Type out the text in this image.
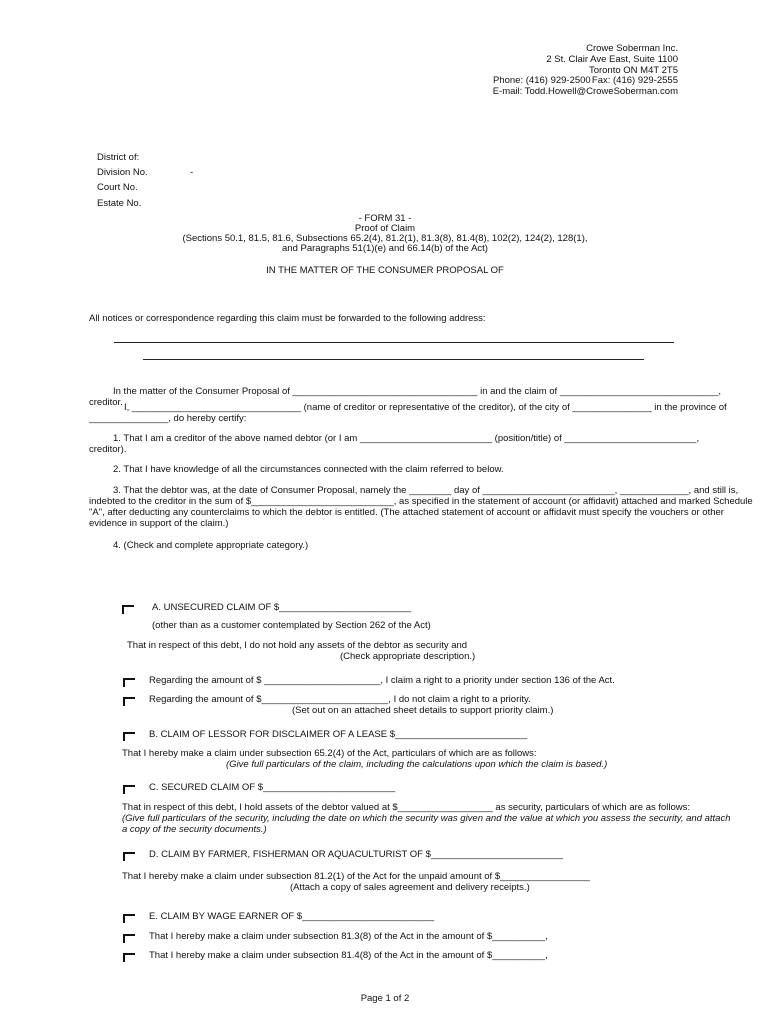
Crowe Soberman Inc.
2 St. Clair Ave East, Suite 1100
Toronto ON M4T 2T5
Phone: (416) 929-2500 Fax: (416) 929-2555
E-mail: Todd.Howell@CroweSoberman.com
District of:
Division No.	-
Court No.
Estate No.
- FORM 31 -
Proof of Claim
(Sections 50.1, 81.5, 81.6, Subsections 65.2(4), 81.2(1), 81.3(8), 81.4(8), 102(2), 124(2), 128(1),
and Paragraphs 51(1)(e) and 66.14(b) of the Act)
IN THE MATTER OF THE CONSUMER PROPOSAL OF
All notices or correspondence regarding this claim must be forwarded to the following address:
In the matter of the Consumer Proposal of ___________________________________ in and the claim of ______________________________,
creditor. I, ________________________________ (name of creditor or representative of the creditor), of the city of _______________ in the province of
_______________, do hereby certify:
1. That I am a creditor of the above named debtor (or I am _________________________ (position/title) of _________________________,
creditor).
2. That I have knowledge of all the circumstances connected with the claim referred to below.
3. That the debtor was, at the date of Consumer Proposal, namely the ________ day of _________________________, _____________, and still is,
indebted to the creditor in the sum of $___________________________, as specified in the statement of account (or affidavit) attached and marked Schedule
"A", after deducting any counterclaims to which the debtor is entitled. (The attached statement of account or affidavit must specify the vouchers or other
evidence in support of the claim.)
4. (Check and complete appropriate category.)
A. UNSECURED CLAIM OF $_________________________
(other than as a customer contemplated by Section 262 of the Act)
That in respect of this debt, I do not hold any assets of the debtor as security and
(Check appropriate description.)
Regarding the amount of $ ______________________, I claim a right to a priority under section 136 of the Act.
Regarding the amount of $________________________, I do not claim a right to a priority.
(Set out on an attached sheet details to support priority claim.)
B. CLAIM OF LESSOR FOR DISCLAIMER OF A LEASE $_________________________
That I hereby make a claim under subsection 65.2(4) of the Act, particulars of which are as follows:
(Give full particulars of the claim, including the calculations upon which the claim is based.)
C. SECURED CLAIM OF $_________________________
That in respect of this debt, I hold assets of the debtor valued at $__________________ as security, particulars of which are as follows:
(Give full particulars of the security, including the date on which the security was given and the value at which you assess the security, and attach
a copy of the security documents.)
D. CLAIM BY FARMER, FISHERMAN OR AQUACULTURIST OF $_________________________
That I hereby make a claim under subsection 81.2(1) of the Act for the unpaid amount of $_________________
(Attach a copy of sales agreement and delivery receipts.)
E. CLAIM BY WAGE EARNER OF $_________________________
That I hereby make a claim under subsection 81.3(8) of the Act in the amount of $__________,
That I hereby make a claim under subsection 81.4(8) of the Act in the amount of $__________,
Page 1 of 2
